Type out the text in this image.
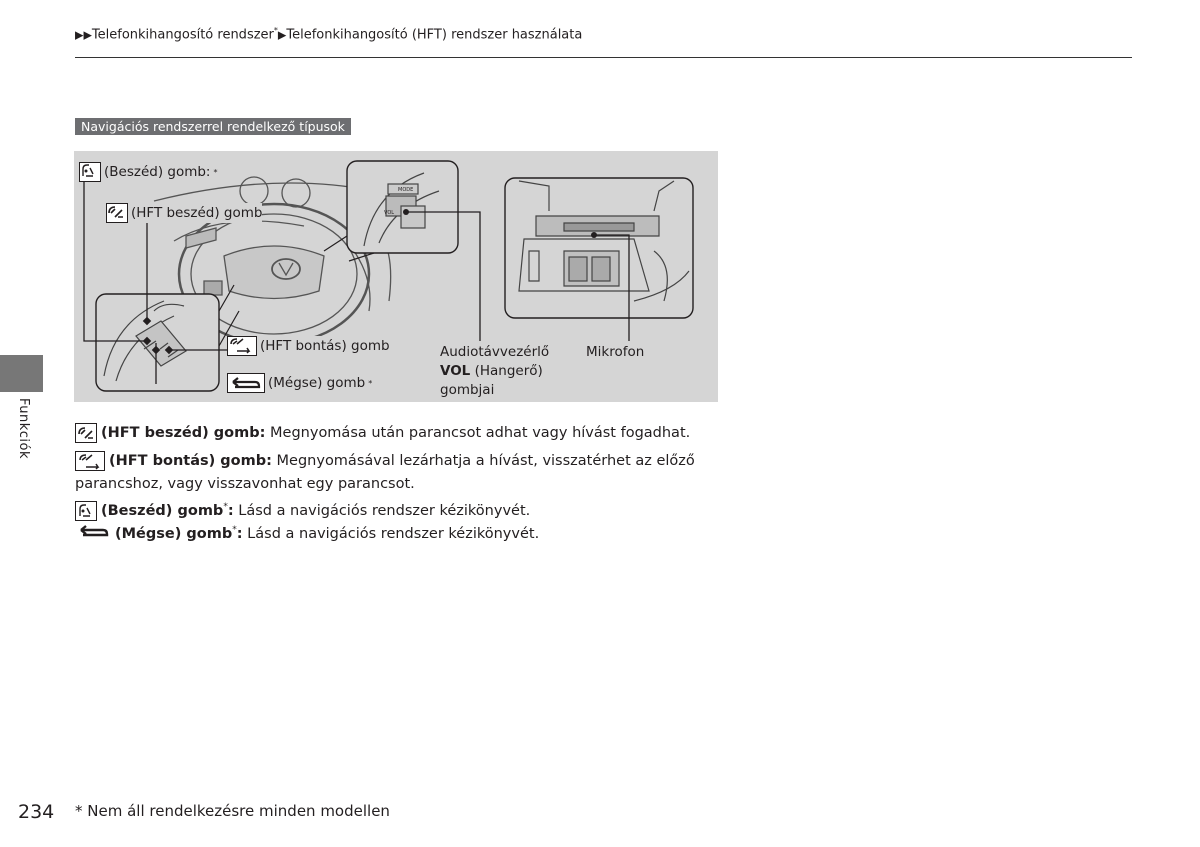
▶▶Telefonkihangosító rendszer*▶Telefonkihangosító (HFT) rendszer használata
Funkciók
Navigációs rendszerrel rendelkező típusok
MODE
VOL
(Beszéd) gomb: *
(HFT beszéd) gomb
(HFT bontás) gomb
(Mégse) gomb *
Audiotávvezérlő
VOL (Hangerő)
gombjai
Mikrofon
(HFT beszéd) gomb: Megnyomása után parancsot adhat vagy hívást fogadhat.
(HFT bontás) gomb: Megnyomásával lezárhatja a hívást, visszatérhet az előző
parancshoz, vagy visszavonhat egy parancsot.
(Beszéd) gomb*: Lásd a navigációs rendszer kézikönyvét.
(Mégse) gomb*: Lásd a navigációs rendszer kézikönyvét.
234 * Nem áll rendelkezésre minden modellen
